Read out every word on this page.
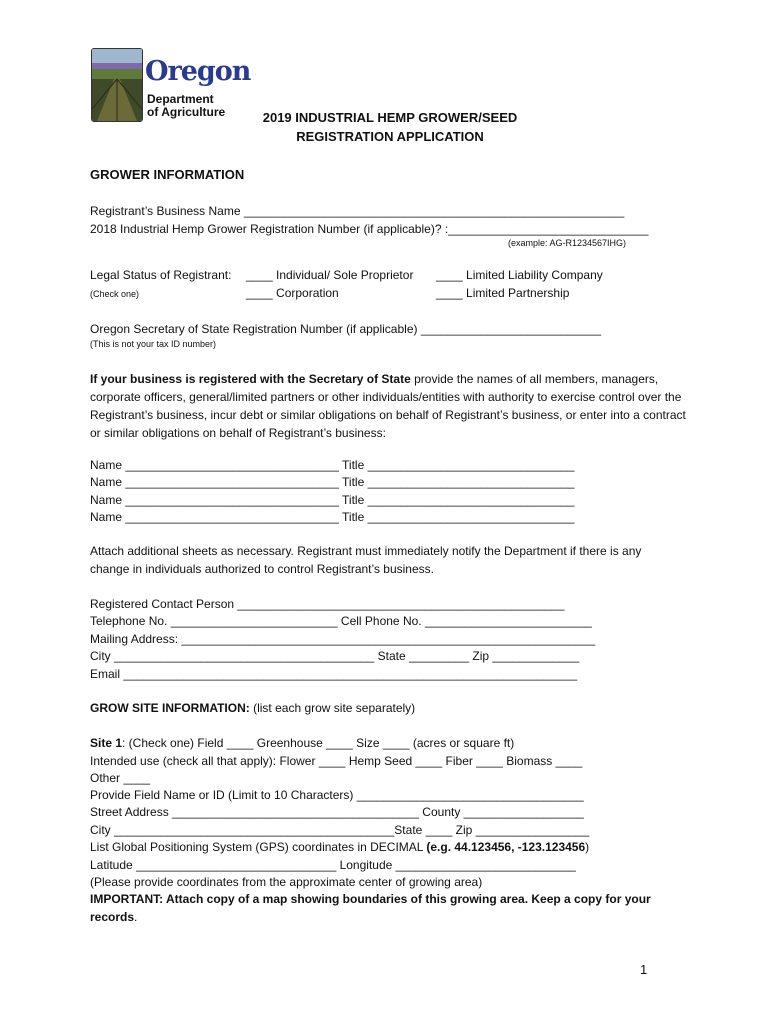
Oregon
Department
of Agriculture	2019 INDUSTRIAL HEMP GROWER/SEED
REGISTRATION APPLICATION
GROWER INFORMATION
Registrant’s Business Name _________________________________________________________
2018 Industrial Hemp Grower Registration Number (if applicable)? :______________________________
(example: AG-R1234567IHG)
Legal Status of Registrant:
(Check one)
____ Individual/ Sole Proprietor
____ Corporation
____ Limited Liability Company
____ Limited Partnership
Oregon Secretary of State Registration Number (if applicable) ___________________________
(This is not your tax ID number)
If your business is registered with the Secretary of State provide the names of all members, managers, corporate officers, general/limited partners or other individuals/entities with authority to exercise control over the Registrant’s business, incur debt or similar obligations on behalf of Registrant’s business, or enter into a contract or similar obligations on behalf of Registrant’s business:
Name ________________________________ Title _______________________________
Name ________________________________ Title _______________________________
Name ________________________________ Title _______________________________
Name ________________________________ Title _______________________________
Attach additional sheets as necessary. Registrant must immediately notify the Department if there is any change in individuals authorized to control Registrant’s business.
Registered Contact Person _________________________________________________
Telephone No. _________________________ Cell Phone No. _________________________
Mailing Address: ______________________________________________________________
City _______________________________________ State _________ Zip _____________
Email ____________________________________________________________________
GROW SITE INFORMATION: (list each grow site separately)
Site 1: (Check one) Field ____ Greenhouse ____ Size ____ (acres or square ft)
Intended use (check all that apply): Flower ____ Hemp Seed ____ Fiber ____ Biomass ____
Other ____
Provide Field Name or ID (Limit to 10 Characters) __________________________________
Street Address _____________________________________ County __________________
City __________________________________________State ____ Zip _________________
List Global Positioning System (GPS) coordinates in DECIMAL (e.g. 44.123456, -123.123456)
Latitude ______________________________ Longitude ___________________________
(Please provide coordinates from the approximate center of growing area)
IMPORTANT: Attach copy of a map showing boundaries of this growing area. Keep a copy for your records.
1
